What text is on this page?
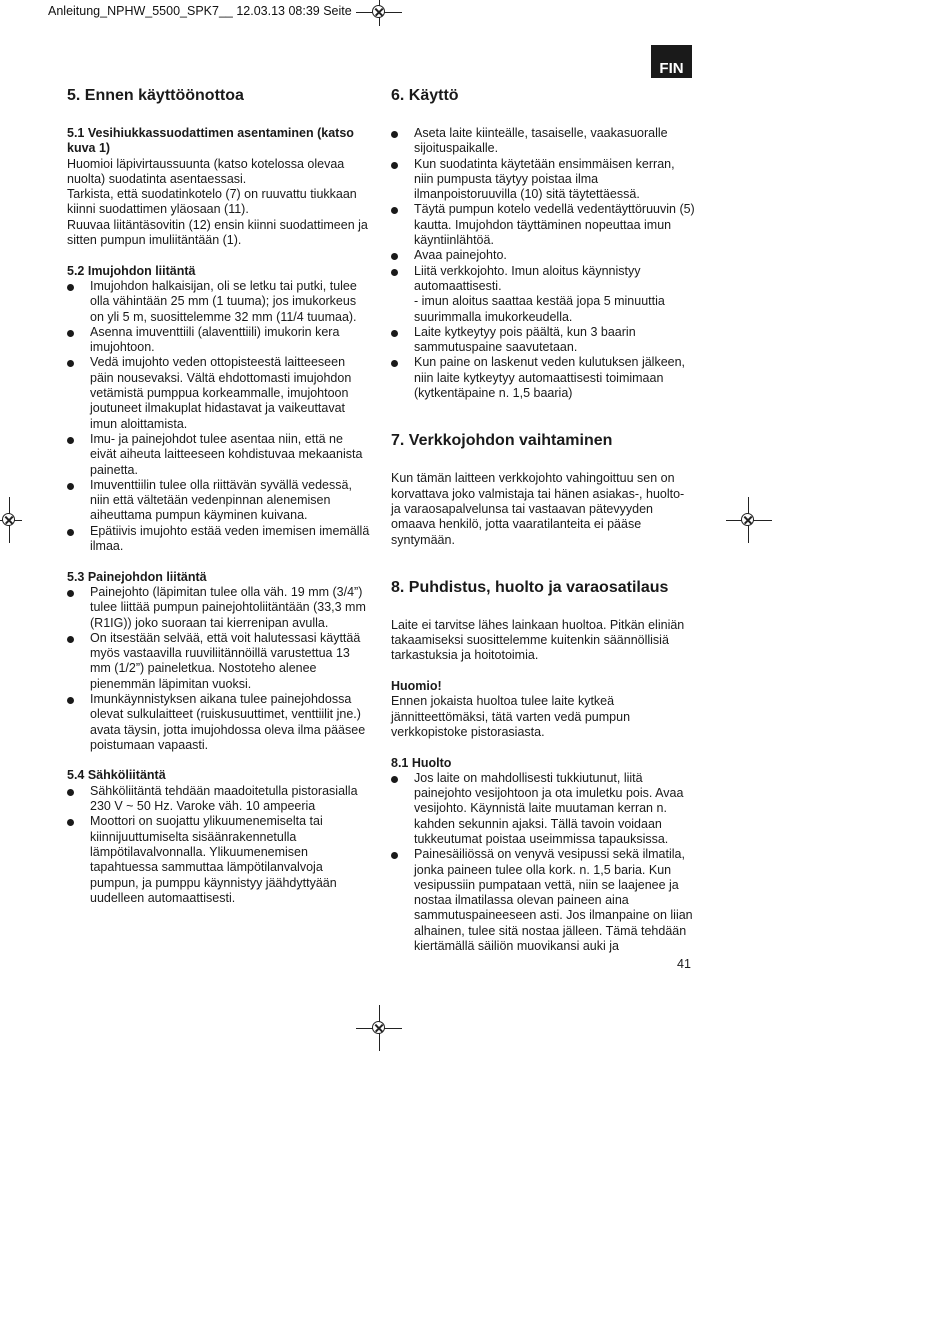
Anleitung_NPHW_5500_SPK7__ 12.03.13 08:39 Seite
FIN
5. Ennen käyttöönottoa
5.1 Vesihiukkassuodattimen asentaminen (katso kuva 1)

Huomioi läpivirtaussuunta (katso kotelossa olevaa nuolta) suodatinta asentaessasi.

Tarkista, että suodatinkotelo (7) on ruuvattu tiukkaan kiinni suodattimen yläosaan (11).

Ruuvaa liitäntäsovitin (12) ensin kiinni suodattimeen ja sitten pumpun imuliitäntään (1).

5.2 Imujohdon liitäntä
Imujohdon halkaisijan, oli se letku tai putki, tulee olla vähintään 25 mm (1 tuuma); jos imukorkeus on yli 5 m, suosittelemme 32 mm (11/4 tuumaa).
Asenna imuventtiili (alaventtiili) imukorin kera imujohtoon.
Vedä imujohto veden ottopisteestä laitteeseen päin nousevaksi. Vältä ehdottomasti imujohdon vetämistä pumppua korkeammalle, imujohtoon joutuneet ilmakuplat hidastavat ja vaikeuttavat imun aloittamista.
Imu- ja painejohdot tulee asentaa niin, että ne eivät aiheuta laitteeseen kohdistuvaa mekaanista painetta.
Imuventtiilin tulee olla riittävän syvällä vedessä, niin että vältetään vedenpinnan alenemisen aiheuttama pumpun käyminen kuivana.
Epätiivis imujohto estää veden imemisen imemällä ilmaa.
5.3 Painejohdon liitäntä
Painejohto (läpimitan tulee olla väh. 19 mm (3/4”) tulee liittää pumpun painejohtoliitäntään (33,3 mm (R1IG)) joko suoraan tai kierrenipan avulla.
On itsestään selvää, että voit halutessasi käyttää myös vastaavilla ruuviliitännöillä varustettua 13 mm (1/2”) paineletkua. Nostoteho alenee pienemmän läpimitan vuoksi.
Imunkäynnistyksen aikana tulee painejohdossa olevat sulkulaitteet (ruiskusuuttimet, venttiilit jne.) avata täysin, jotta imujohdossa oleva ilma pääsee poistumaan vapaasti.
5.4 Sähköliitäntä
Sähköliitäntä tehdään maadoitetulla pistorasialla 230 V ~ 50 Hz. Varoke väh. 10 ampeeria
Moottori on suojattu ylikuumenemiselta tai kiinnijuuttumiselta sisäänrakennetulla lämpötilavalvonnalla. Ylikuumenemisen tapahtuessa sammuttaa lämpötilanvalvoja pumpun, ja pumppu käynnistyy jäähdyttyään uudelleen automaattisesti.
6. Käyttö
Aseta laite kiinteälle, tasaiselle, vaakasuoralle sijoituspaikalle.
Kun suodatinta käytetään ensimmäisen kerran, niin pumpusta täytyy poistaa ilma ilmanpoistoruuvilla (10) sitä täytettäessä.
Täytä pumpun kotelo vedellä vedentäyttöruuvin (5) kautta. Imujohdon täyttäminen nopeuttaa imun käyntiinlähtöä.
Avaa painejohto.
Liitä verkkojohto. Imun aloitus käynnistyy automaattisesti.
- imun aloitus saattaa kestää jopa 5 minuuttia suurimmalla imukorkeudella.
Laite kytkeytyy pois päältä, kun 3 baarin sammutuspaine saavutetaan.
Kun paine on laskenut veden kulutuksen jälkeen, niin laite kytkeytyy automaattisesti toimimaan (kytkentäpaine n. 1,5 baaria)
7. Verkkojohdon vaihtaminen

Kun tämän laitteen verkkojohto vahingoittuu sen on korvattava joko valmistaja tai hänen asiakas-, huolto- ja varaosapalvelunsa tai vastaavan pätevyyden omaava henkilö, jotta vaaratilanteita ei pääse syntymään.

8. Puhdistus, huolto ja varaosatilaus

Laite ei tarvitse lähes lainkaan huoltoa. Pitkän eliniän takaamiseksi suosittelemme kuitenkin säännöllisiä tarkastuksia ja hoitotoimia.

Huomio!

Ennen jokaista huoltoa tulee laite kytkeä jännitteettömäksi, tätä varten vedä pumpun verkkopistoke pistorasiasta.

8.1 Huolto
Jos laite on mahdollisesti tukkiutunut, liitä painejohto vesijohtoon ja ota imuletku pois. Avaa vesijohto. Käynnistä laite muutaman kerran n. kahden sekunnin ajaksi. Tällä tavoin voidaan tukkeutumat poistaa useimmissa tapauksissa.
Painesäiliössä on venyvä vesipussi sekä ilmatila, jonka paineen tulee olla kork. n. 1,5 baria. Kun vesipussiin pumpataan vettä, niin se laajenee ja nostaa ilmatilassa olevan paineen aina sammutuspaineeseen asti. Jos ilmanpaine on liian alhainen, tulee sitä nostaa jälleen. Tämä tehdään kiertämällä säiliön muovikansi auki ja
41
